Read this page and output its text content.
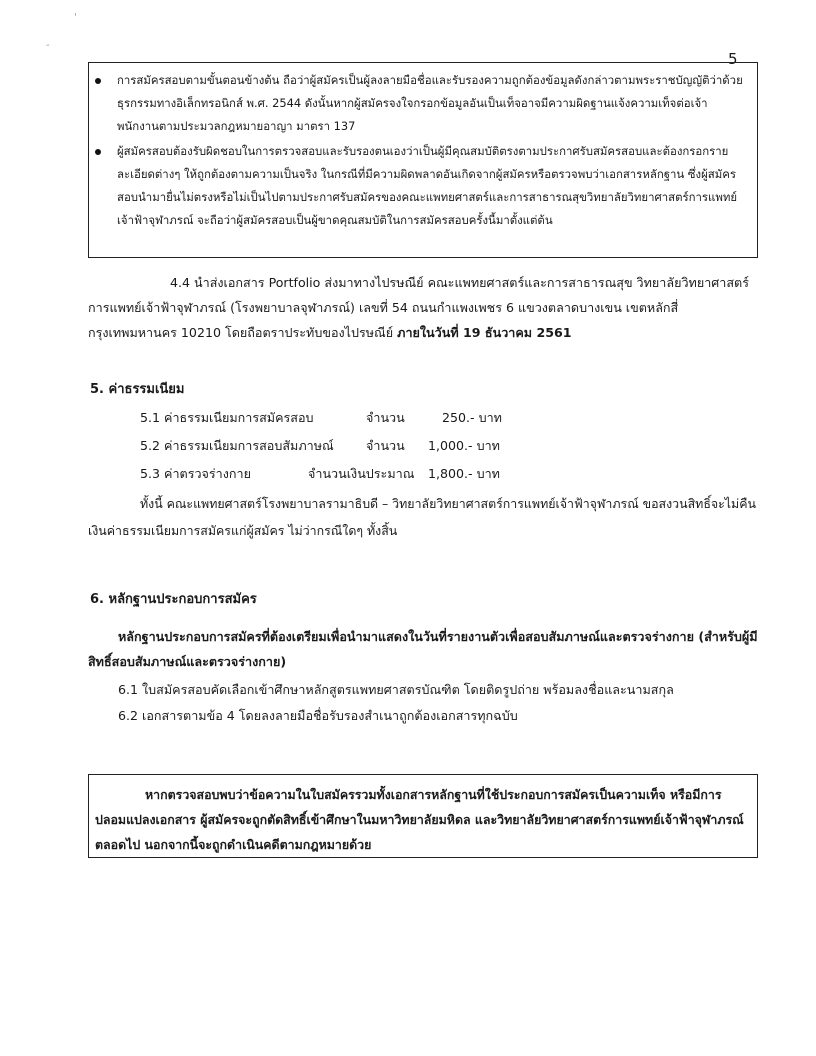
'
-
5
การสมัครสอบตามขั้นตอนข้างต้น ถือว่าผู้สมัครเป็นผู้ลงลายมือชื่อและรับรองความถูกต้องข้อมูลดังกล่าวตามพระราชบัญญัติว่าด้วยธุรกรรมทางอิเล็กทรอนิกส์ พ.ศ. 2544 ดังนั้นหากผู้สมัครจงใจกรอกข้อมูลอันเป็นเท็จอาจมีความผิดฐานแจ้งความเท็จต่อเจ้าพนักงานตามประมวลกฎหมายอาญา มาตรา 137
ผู้สมัครสอบต้องรับผิดชอบในการตรวจสอบและรับรองตนเองว่าเป็นผู้มีคุณสมบัติตรงตามประกาศรับสมัครสอบและต้องกรอกรายละเอียดต่างๆ ให้ถูกต้องตามความเป็นจริง ในกรณีที่มีความผิดพลาดอันเกิดจากผู้สมัครหรือตรวจพบว่าเอกสารหลักฐาน ซึ่งผู้สมัครสอบนำมายื่นไม่ตรงหรือไม่เป็นไปตามประกาศรับสมัครของคณะแพทยศาสตร์และการสาธารณสุขวิทยาลัยวิทยาศาสตร์การแพทย์เจ้าฟ้าจุฬาภรณ์ จะถือว่าผู้สมัครสอบเป็นผู้ขาดคุณสมบัติในการสมัครสอบครั้งนี้มาตั้งแต่ต้น
4.4 นำส่งเอกสาร Portfolio ส่งมาทางไปรษณีย์ คณะแพทยศาสตร์และการสาธารณสุข วิทยาลัยวิทยาศาสตร์การแพทย์เจ้าฟ้าจุฬาภรณ์ (โรงพยาบาลจุฬาภรณ์) เลขที่ 54 ถนนกำแพงเพชร 6 แขวงตลาดบางเขน เขตหลักสี่ กรุงเทพมหานคร 10210 โดยถือตราประทับของไปรษณีย์ ภายในวันที่ 19 ธันวาคม 2561
5. ค่าธรรมเนียม
5.1 ค่าธรรมเนียมการสมัครสอบ	จำนวน	250.- บาท
5.2 ค่าธรรมเนียมการสอบสัมภาษณ์	จำนวน 1,000.- บาท
5.3 ค่าตรวจร่างกาย	จำนวนเงินประมาณ 1,800.- บาท
ทั้งนี้ คณะแพทยศาสตร์โรงพยาบาลรามาธิบดี – วิทยาลัยวิทยาศาสตร์การแพทย์เจ้าฟ้าจุฬาภรณ์ ขอสงวนสิทธิ์จะไม่คืนเงินค่าธรรมเนียมการสมัครแก่ผู้สมัคร ไม่ว่ากรณีใดๆ ทั้งสิ้น
6. หลักฐานประกอบการสมัคร
หลักฐานประกอบการสมัครที่ต้องเตรียมเพื่อนำมาแสดงในวันที่รายงานตัวเพื่อสอบสัมภาษณ์และตรวจร่างกาย (สำหรับผู้มีสิทธิ์สอบสัมภาษณ์และตรวจร่างกาย)
6.1 ใบสมัครสอบคัดเลือกเข้าศึกษาหลักสูตรแพทยศาสตรบัณฑิต โดยติดรูปถ่าย พร้อมลงชื่อและนามสกุล
6.2 เอกสารตามข้อ 4 โดยลงลายมือชื่อรับรองสำเนาถูกต้องเอกสารทุกฉบับ
หากตรวจสอบพบว่าข้อความในใบสมัครรวมทั้งเอกสารหลักฐานที่ใช้ประกอบการสมัครเป็นความเท็จ หรือมีการปลอมแปลงเอกสาร ผู้สมัครจะถูกตัดสิทธิ์เข้าศึกษาในมหาวิทยาลัยมหิดล และวิทยาลัยวิทยาศาสตร์การแพทย์เจ้าฟ้าจุฬาภรณ์ตลอดไป นอกจากนี้จะถูกดำเนินคดีตามกฎหมายด้วย
